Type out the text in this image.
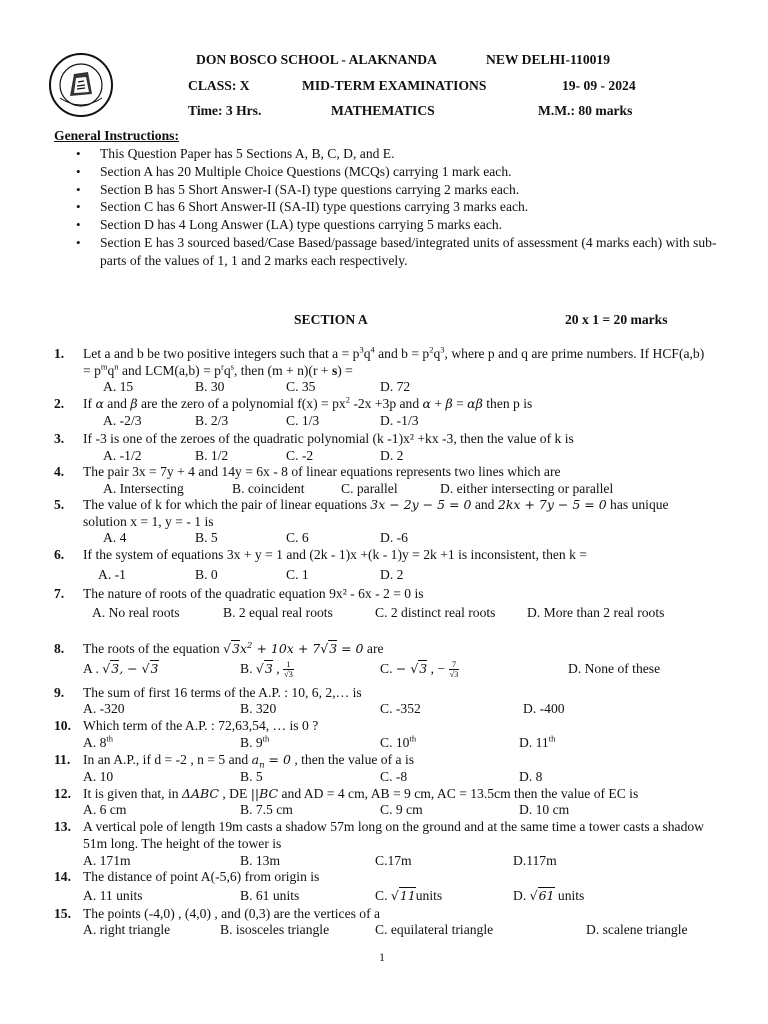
DON BOSCO SCHOOL - ALAKNANDA	NEW DELHI-110019
CLASS: X	MID-TERM EXAMINATIONS	19- 09 - 2024
Time: 3 Hrs.	MATHEMATICS	M.M.: 80 marks
General Instructions:
• This Question Paper has 5 Sections A, B, C, D, and E.
• Section A has 20 Multiple Choice Questions (MCQs) carrying 1 mark each.
• Section B has 5 Short Answer-I (SA-I) type questions carrying 2 marks each.
• Section C has 6 Short Answer-II (SA-II) type questions carrying 3 marks each.
• Section D has 4 Long Answer (LA) type questions carrying 5 marks each.
• Section E has 3 sourced based/Case Based/passage based/integrated units of assessment (4 marks each) with sub-parts of the values of 1, 1 and 2 marks each respectively.
SECTION A	20 x 1 = 20 marks
1.	Let a and b be two positive integers such that $a = p^3q^4$ and $b = p^2q^3$, where p and q are prime numbers. If $HCF(a,b) = p^mq^n$ and $LCM(a,b) = p^rq^s$, then (m + n)(r + s) =
A. 15	B. 30	C. 35	D. 72
2.	If α and β are the zero of a polynomial $f(x) = px^2$ -2x +3p and α + β = αβ then p is
A. -2/3	B. 2/3	C. 1/3	D. -1/3
3.	If -3 is one of the zeroes of the quadratic polynomial (k -1)x² +kx -3, then the value of k is
A. -1/2	B. 1/2	C. -2	D. 2
4.	The pair 3x = 7y + 4 and 14y = 6x - 8 of linear equations represents two lines which are
A. Intersecting	B. coincident	C. parallel	D. either intersecting or parallel
5.	The value of k for which the pair of linear equations 3x − 2y − 5 = 0 and 2kx + 7y − 5 = 0 has unique solution x = 1, y = - 1 is
A. 4	B. 5	C. 6	D. -6
6.	If the system of equations 3x + y = 1 and (2k - 1)x +(k - 1)y = 2k +1 is inconsistent, then k =
A. -1	B. 0	C. 1	D. 2
7.	The nature of roots of the quadratic equation 9x² - 6x - 2 = 0 is
A. No real roots	B. 2 equal real roots	C. 2 distinct real roots D. More than 2 real roots
8.	The roots of the equation $√3x^2 + 10x + 7√3 = 0$ are
A . √3, − √3	B. √3 , $\frac{1}{√3}$	C. − √3 , − $\frac{7}{√3}$	D. None of these
9.	The sum of first 16 terms of the A.P. : 10, 6, 2,… is
A. -320	B. 320	C. -352	D. -400
10. Which term of the A.P. : 72,63,54, … is 0 ?
A. 8th	B. 9th	C. 10th	D. 11th
11. In an A.P., if d = -2 , n = 5 and $a_n = 0$ , then the value of a is
A. 10	B. 5	C. -8	D. 8
12. It is given that, in ΔABC , DE ||BC and AD = 4 cm, AB = 9 cm, AC = 13.5cm then the value of EC is
A. 6 cm	B. 7.5 cm	C. 9 cm	D. 10 cm
13. A vertical pole of length 19m casts a shadow 57m long on the ground and at the same time a tower casts a shadow 51m long. The height of the tower is
A. 171m	B. 13m	C.17m	D.117m
14. The distance of point A(-5,6) from origin is
A. 11 units	B. 61 units	C. √11units	D. √61 units
15. The points (-4,0) , (4,0) , and (0,3) are the vertices of a
A. right triangle	B. isosceles triangle	C. equilateral triangle	D. scalene triangle
1
